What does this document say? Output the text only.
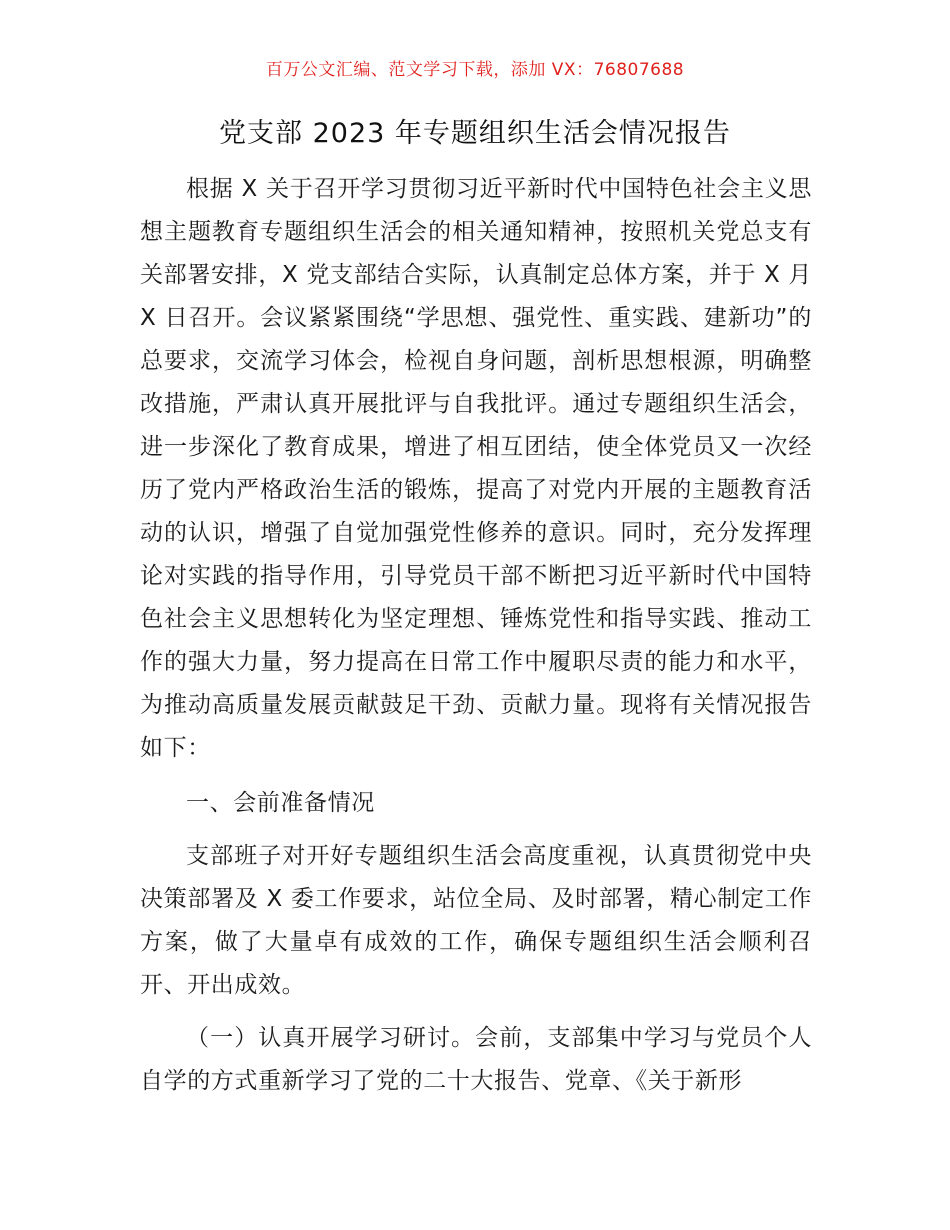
百万公文汇编、范文学习下载，添加 VX：76807688
党支部 2023 年专题组织生活会情况报告

根据 X 关于召开学习贯彻习近平新时代中国特色社会主义思想主题教育专题组织生活会的相关通知精神，按照机关党总支有关部署安排，X 党支部结合实际，认真制定总体方案，并于 X 月 X 日召开。会议紧紧围绕“学思想、强党性、重实践、建新功”的总要求，交流学习体会，检视自身问题，剖析思想根源，明确整改措施，严肃认真开展批评与自我批评。通过专题组织生活会，进一步深化了教育成果，增进了相互团结，使全体党员又一次经历了党内严格政治生活的锻炼，提高了对党内开展的主题教育活动的认识，增强了自觉加强党性修养的意识。同时，充分发挥理论对实践的指导作用，引导党员干部不断把习近平新时代中国特色社会主义思想转化为坚定理想、锤炼党性和指导实践、推动工作的强大力量，努力提高在日常工作中履职尽责的能力和水平，为推动高质量发展贡献鼓足干劲、贡献力量。现将有关情况报告如下：

一、会前准备情况

支部班子对开好专题组织生活会高度重视，认真贯彻党中央决策部署及 X 委工作要求，站位全局、及时部署，精心制定工作方案，做了大量卓有成效的工作，确保专题组织生活会顺利召开、开出成效。

（一）认真开展学习研讨。会前，支部集中学习与党员个人自学的方式重新学习了党的二十大报告、党章、《关于新形
